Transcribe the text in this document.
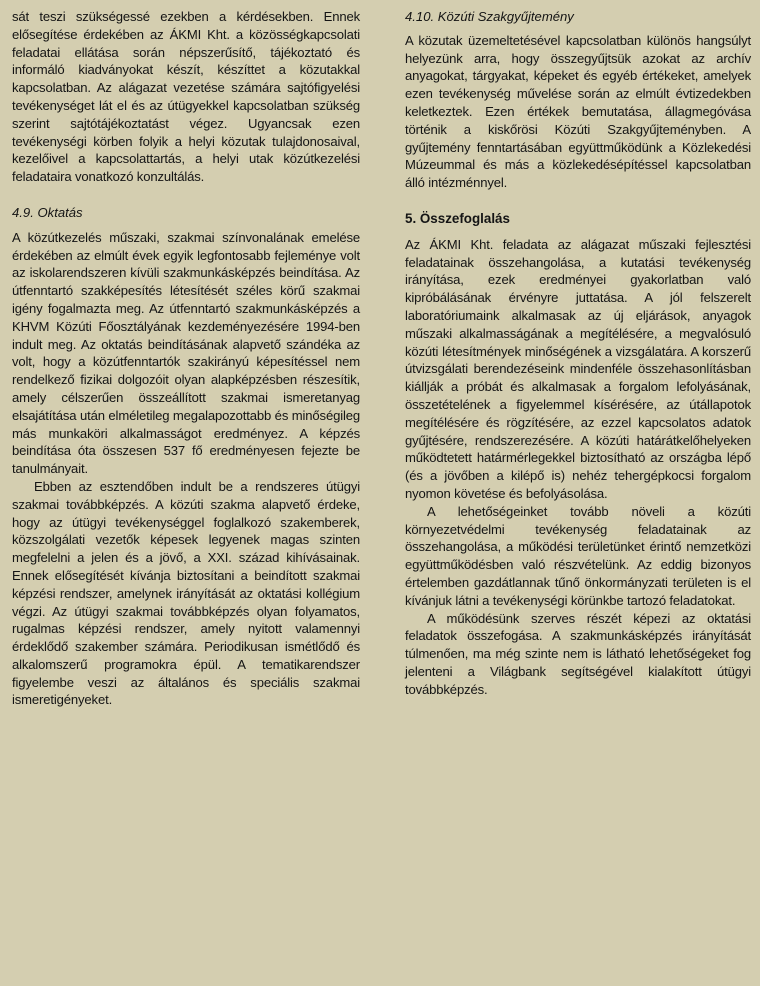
sát teszi szükségessé ezekben a kérdésekben. Ennek elősegítése érdekében az ÁKMI Kht. a közösségkapcsolati feladatai ellátása során népszerűsítő, tájékoztató és informáló kiadványokat készít, készíttet a közutakkal kapcsolatban. Az alágazat vezetése számára sajtófigyelési tevékenységet lát el és az útügyekkel kapcsolatban szükség szerint sajtótájékoztatást végez. Ugyancsak ezen tevékenységi körben folyik a helyi közutak tulajdonosaival, kezelőivel a kapcsolattartás, a helyi utak közútkezelési feladataira vonatkozó konzultálás.

4.9. Oktatás

A közútkezelés műszaki, szakmai színvonalának emelése érdekében az elmúlt évek egyik legfontosabb fejleménye volt az iskolarendszeren kívüli szakmunkásképzés beindítása. Az útfenntartó szakképesítés létesítését széles körű szakmai igény fogalmazta meg. Az útfenntartó szakmunkásképzés a KHVM Közúti Főosztályának kezdeményezésére 1994-ben indult meg. Az oktatás beindításának alapvető szándéka az volt, hogy a közútfenntartók szakirányú képesítéssel nem rendelkező fizikai dolgozóit olyan alapképzésben részesítik, amely célszerűen összeállított szakmai ismeretanyag elsajátítása után elméletileg megalapozottabb és minőségileg más munkaköri alkalmasságot eredményez. A képzés beindítása óta összesen 537 fő eredményesen fejezte be tanulmányait.

Ebben az esztendőben indult be a rendszeres útügyi szakmai továbbképzés. A közúti szakma alapvető érdeke, hogy az útügyi tevékenységgel foglalkozó szakemberek, közszolgálati vezetők képesek legyenek magas szinten megfelelni a jelen és a jövő, a XXI. század kihívásainak. Ennek elősegítését kívánja biztosítani a beindított szakmai képzési rendszer, amelynek irányítását az oktatási kollégium végzi. Az útügyi szakmai továbbképzés olyan folyamatos, rugalmas képzési rendszer, amely nyitott valamennyi érdeklődő szakember számára. Periodikusan ismétlődő és alkalomszerű programokra épül. A tematikarendszer figyelembe veszi az általános és speciális szakmai ismeretigényeket.

4.10. Közúti Szakgyűjtemény

A közutak üzemeltetésével kapcsolatban különös hangsúlyt helyezünk arra, hogy összegyűjtsük azokat az archív anyagokat, tárgyakat, képeket és egyéb értékeket, amelyek ezen tevékenység művelése során az elmúlt évtizedekben keletkeztek. Ezen értékek bemutatása, állagmegóvása történik a kiskőrösi Közúti Szakgyűjteményben. A gyűjtemény fenntartásában együttműködünk a Közlekedési Múzeummal és más a közlekedésépítéssel kapcsolatban álló intézménnyel.

5. Összefoglalás

Az ÁKMI Kht. feladata az alágazat műszaki fejlesztési feladatainak összehangolása, a kutatási tevékenység irányítása, ezek eredményei gyakorlatban való kipróbálásának érvényre juttatása. A jól felszerelt laboratóriumaink alkalmasak az új eljárások, anyagok műszaki alkalmasságának a megítélésére, a megvalósuló közúti létesítmények minőségének a vizsgálatára. A korszerű útvizsgálati berendezéseink mindenféle összehasonlításban kiállják a próbát és alkalmasak a forgalom lefolyásának, összetételének a figyelemmel kísérésére, az útállapotok megítélésére és rögzítésére, az ezzel kapcsolatos adatok gyűjtésére, rendszerezésére. A közúti határátkelőhelyeken működtetett határmérlegekkel biztosítható az országba lépő (és a jövőben a kilépő is) nehéz tehergépkocsi forgalom nyomon követése és befolyásolása.

A lehetőségeinket tovább növeli a közúti környezetvédelmi tevékenység feladatainak az összehangolása, a működési területünket érintő nemzetközi együttműködésben való részvételünk. Az eddig bizonyos értelemben gazdátlannak tűnő önkormányzati területen is el kívánjuk látni a tevékenységi körünkbe tartozó feladatokat.

A működésünk szerves részét képezi az oktatási feladatok összefogása. A szakmunkásképzés irányítását túlmenően, ma még szinte nem is látható lehetőségeket fog jelenteni a Világbank segítségével kialakított útügyi továbbképzés.
